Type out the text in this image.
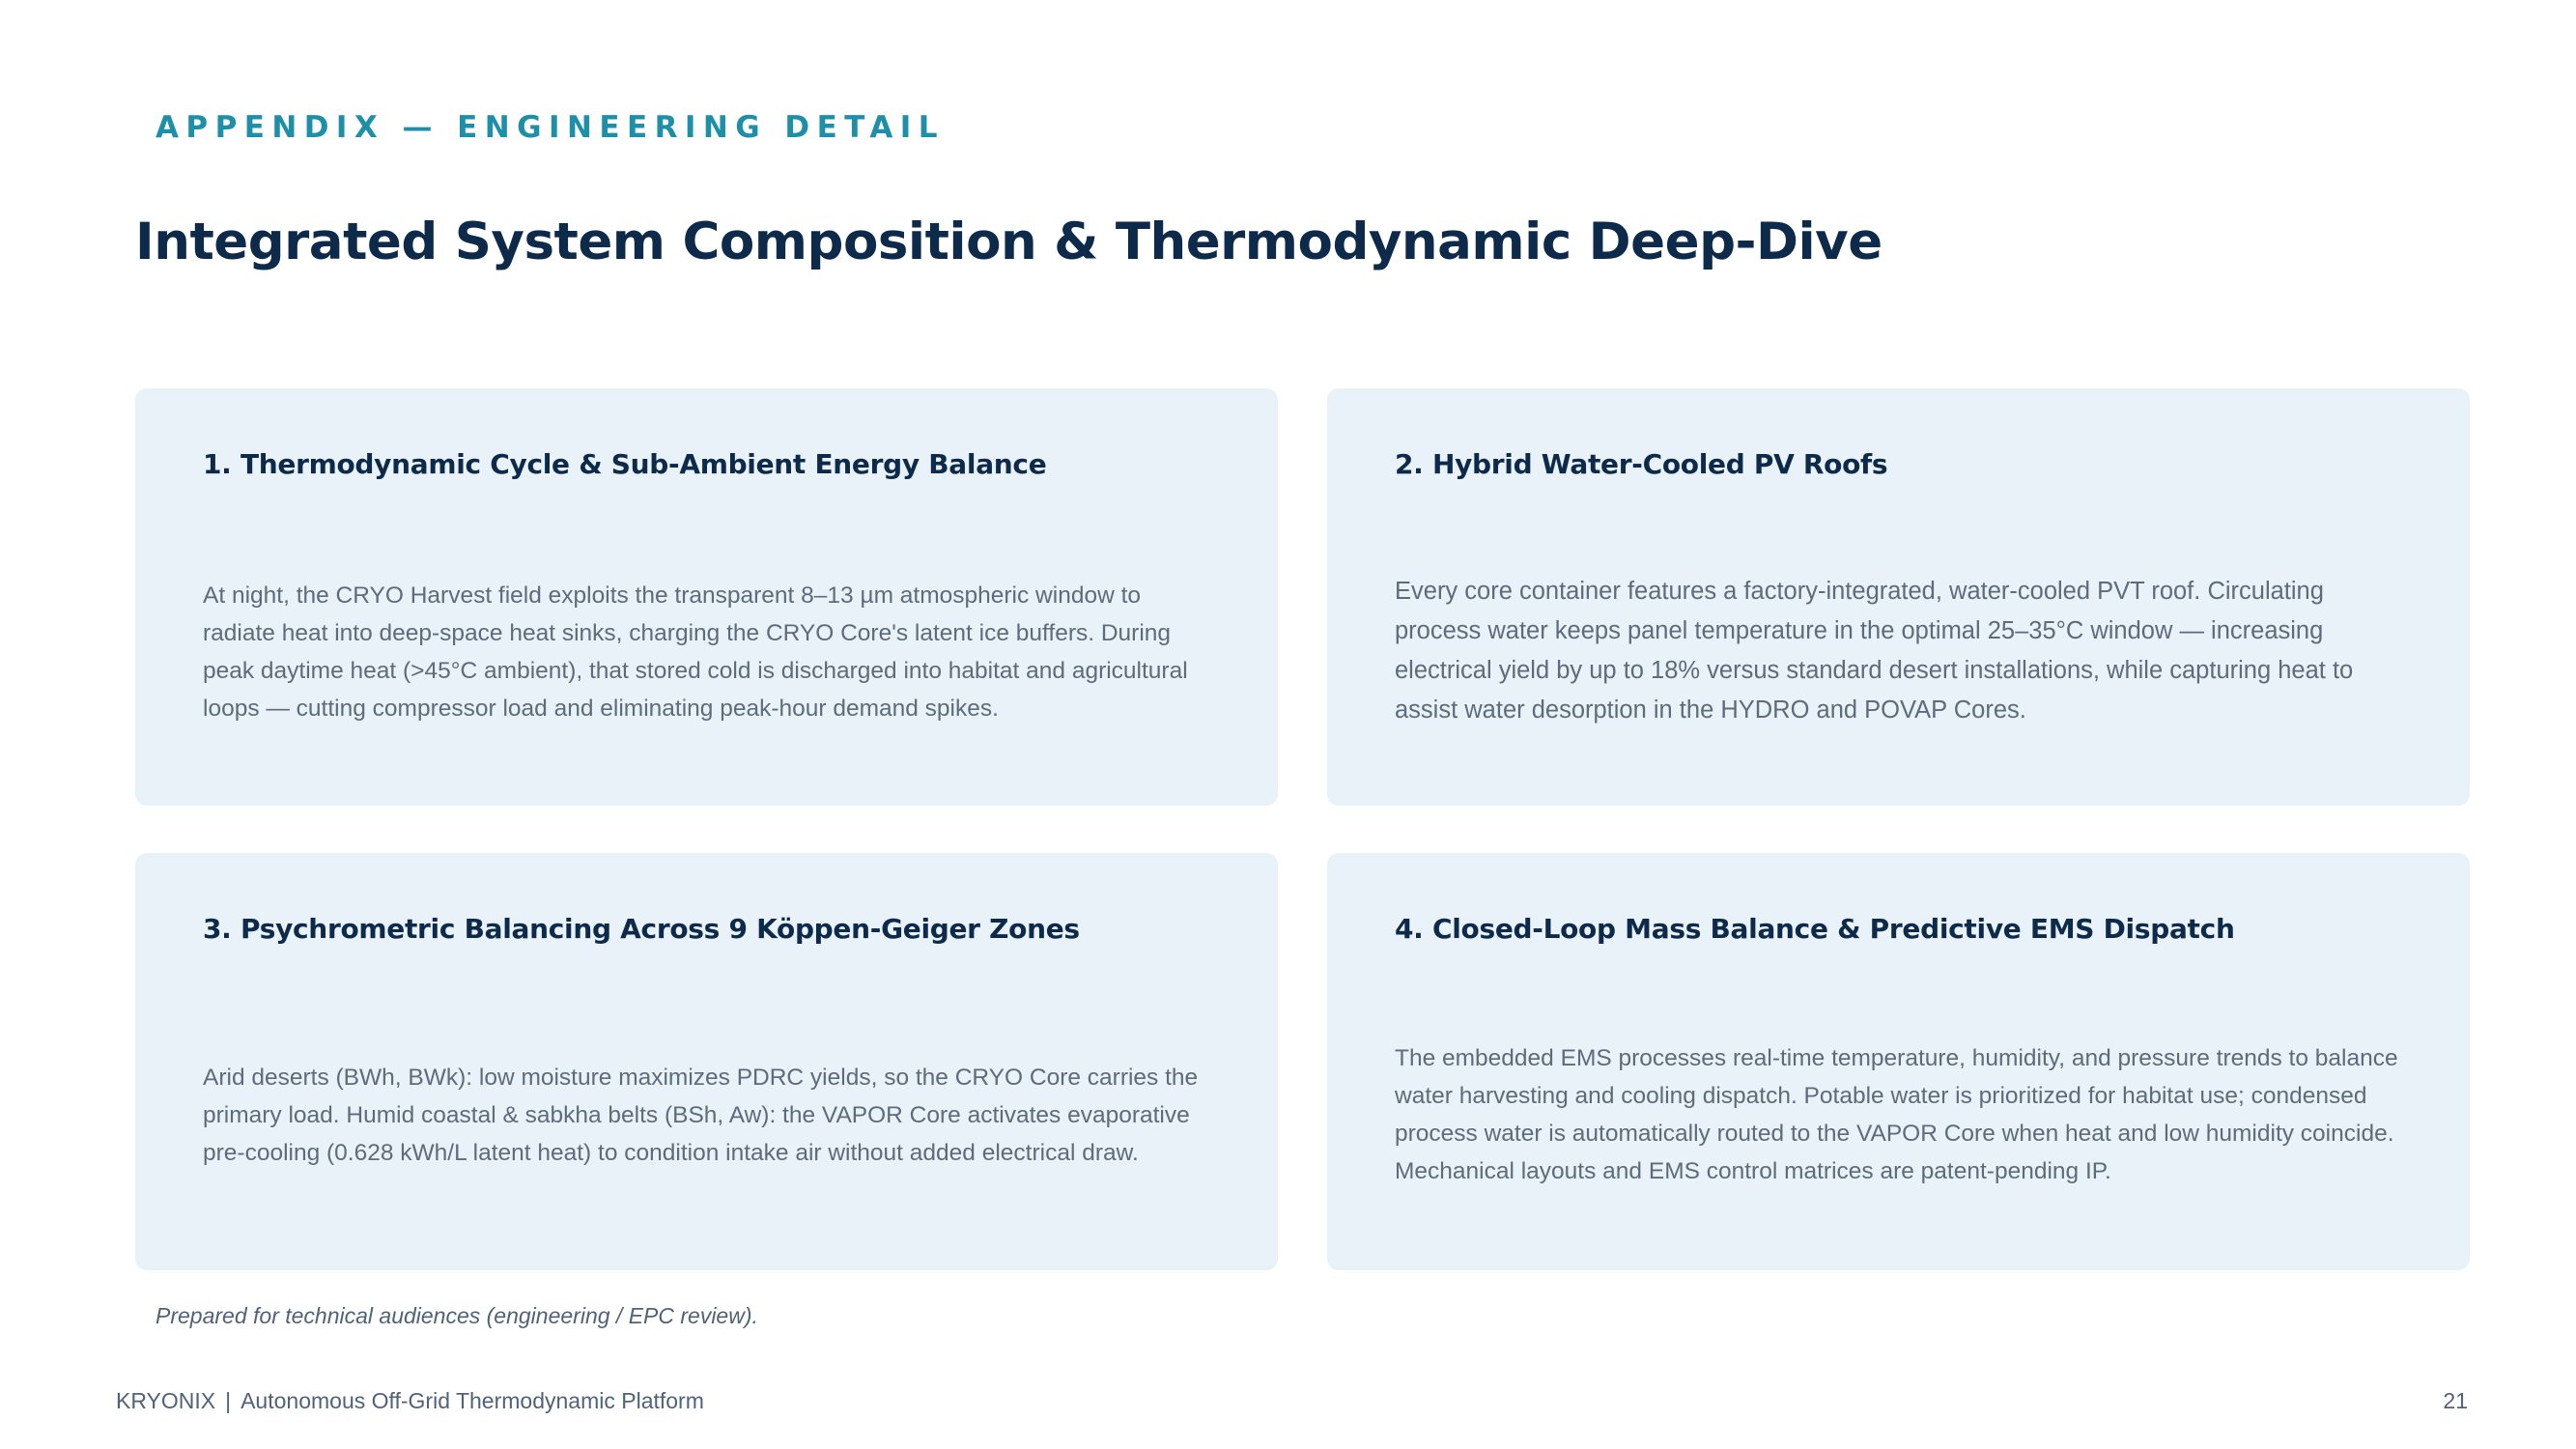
APPENDIX — ENGINEERING DETAIL
Integrated System Composition & Thermodynamic Deep-Dive
1. Thermodynamic Cycle & Sub-Ambient Energy Balance
At night, the CRYO Harvest field exploits the transparent 8–13 µm atmospheric window to radiate heat into deep-space heat sinks, charging the CRYO Core's latent ice buffers. During peak daytime heat (>45°C ambient), that stored cold is discharged into habitat and agricultural loops — cutting compressor load and eliminating peak-hour demand spikes.
2. Hybrid Water-Cooled PV Roofs
Every core container features a factory-integrated, water-cooled PVT roof. Circulating process water keeps panel temperature in the optimal 25–35°C window — increasing electrical yield by up to 18% versus standard desert installations, while capturing heat to assist water desorption in the HYDRO and POVAP Cores.
3. Psychrometric Balancing Across 9 Köppen-Geiger Zones
Arid deserts (BWh, BWk): low moisture maximizes PDRC yields, so the CRYO Core carries the primary load. Humid coastal & sabkha belts (BSh, Aw): the VAPOR Core activates evaporative pre-cooling (0.628 kWh/L latent heat) to condition intake air without added electrical draw.
4. Closed-Loop Mass Balance & Predictive EMS Dispatch
The embedded EMS processes real-time temperature, humidity, and pressure trends to balance water harvesting and cooling dispatch. Potable water is prioritized for habitat use; condensed process water is automatically routed to the VAPOR Core when heat and low humidity coincide. Mechanical layouts and EMS control matrices are patent-pending IP.
Prepared for technical audiences (engineering / EPC review).
KRYONIX | Autonomous Off-Grid Thermodynamic Platform	21
